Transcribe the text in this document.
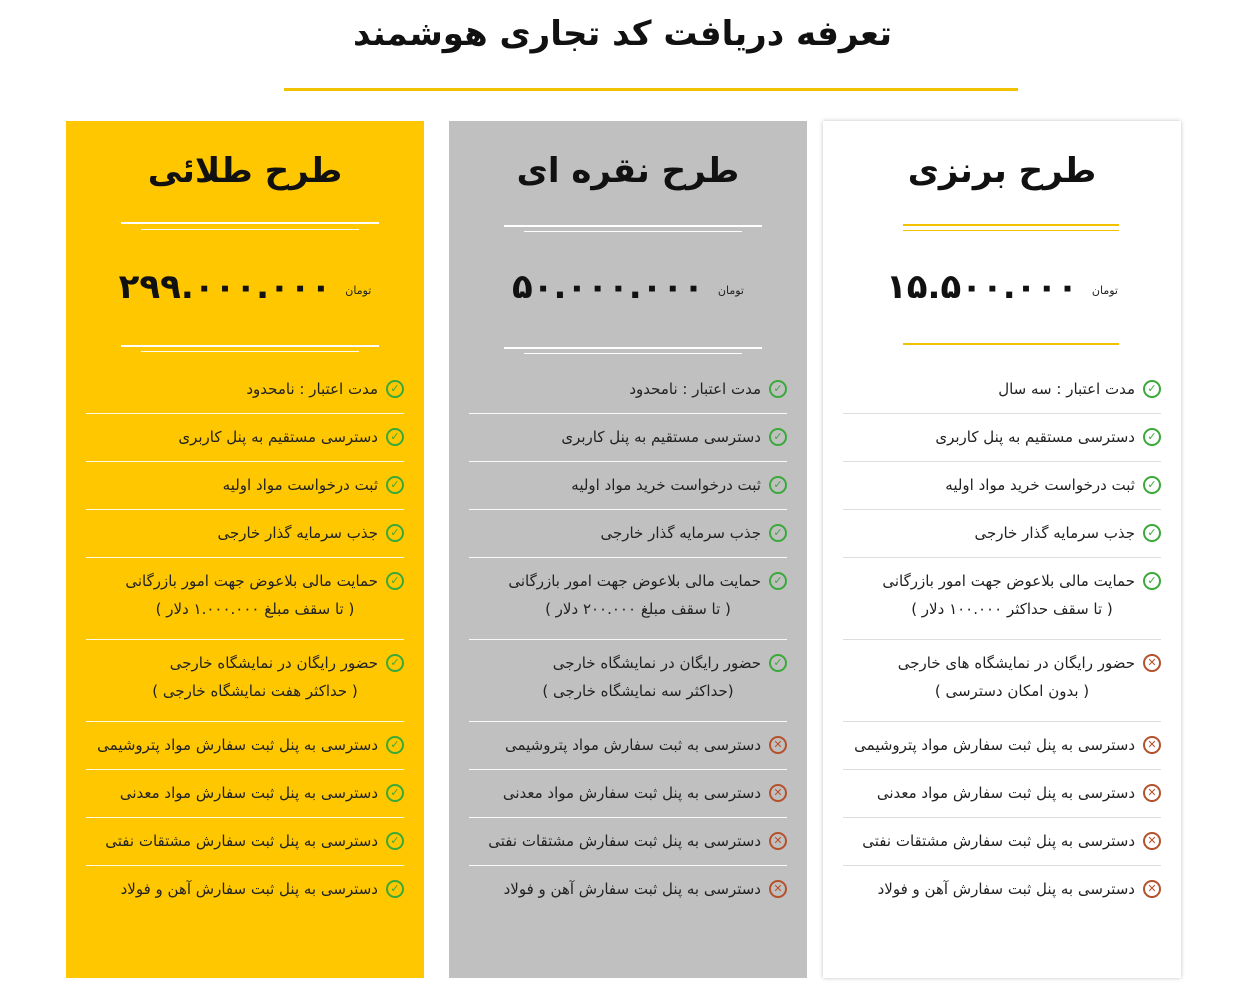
تعرفه دریافت کد تجاری هوشمند
طرح طلائی
تومان
۲۹۹.۰۰۰.۰۰۰
✓
مدت اعتبار : نامحدود
✓
دسترسی مستقیم به پنل کاربری
✓
ثبت درخواست مواد اولیه
✓
جذب سرمایه گذار خارجی
✓
حمایت مالی بلاعوض جهت امور بازرگانی
( تا سقف مبلغ ۱.۰۰۰.۰۰۰ دلار )
✓
حضور رایگان در نمایشگاه خارجی
( حداکثر هفت نمایشگاه خارجی )
✓
دسترسی به پنل ثبت سفارش مواد پتروشیمی
✓
دسترسی به پنل ثبت سفارش مواد معدنی
✓
دسترسی به پنل ثبت سفارش مشتقات نفتی
✓
دسترسی به پنل ثبت سفارش آهن و فولاد
طرح نقره ای
تومان
۵۰.۰۰۰.۰۰۰
✓
مدت اعتبار : نامحدود
✓
دسترسی مستقیم به پنل کاربری
✓
ثبت درخواست خرید مواد اولیه
✓
جذب سرمایه گذار خارجی
✓
حمایت مالی بلاعوض جهت امور بازرگانی
( تا سقف مبلغ ۲۰۰.۰۰۰ دلار )
✓
حضور رایگان در نمایشگاه خارجی
(حداکثر سه نمایشگاه خارجی )
✕
دسترسی به ثبت سفارش مواد پتروشیمی
✕
دسترسی به پنل ثبت سفارش مواد معدنی
✕
دسترسی به پنل ثبت سفارش مشتقات نفتی
✕
دسترسی به پنل ثبت سفارش آهن و فولاد
طرح برنزی
تومان
۱۵.۵۰۰.۰۰۰
✓
مدت اعتبار : سه سال
✓
دسترسی مستقیم به پنل کاربری
✓
ثبت درخواست خرید مواد اولیه
✓
جذب سرمایه گذار خارجی
✓
حمایت مالی بلاعوض جهت امور بازرگانی
( تا سقف حداکثر ۱۰۰.۰۰۰ دلار )
✕
حضور رایگان در نمایشگاه های خارجی
( بدون امکان دسترسی )
✕
دسترسی به پنل ثبت سفارش مواد پتروشیمی
✕
دسترسی به پنل ثبت سفارش مواد معدنی
✕
دسترسی به پنل ثبت سفارش مشتقات نفتی
✕
دسترسی به پنل ثبت سفارش آهن و فولاد
